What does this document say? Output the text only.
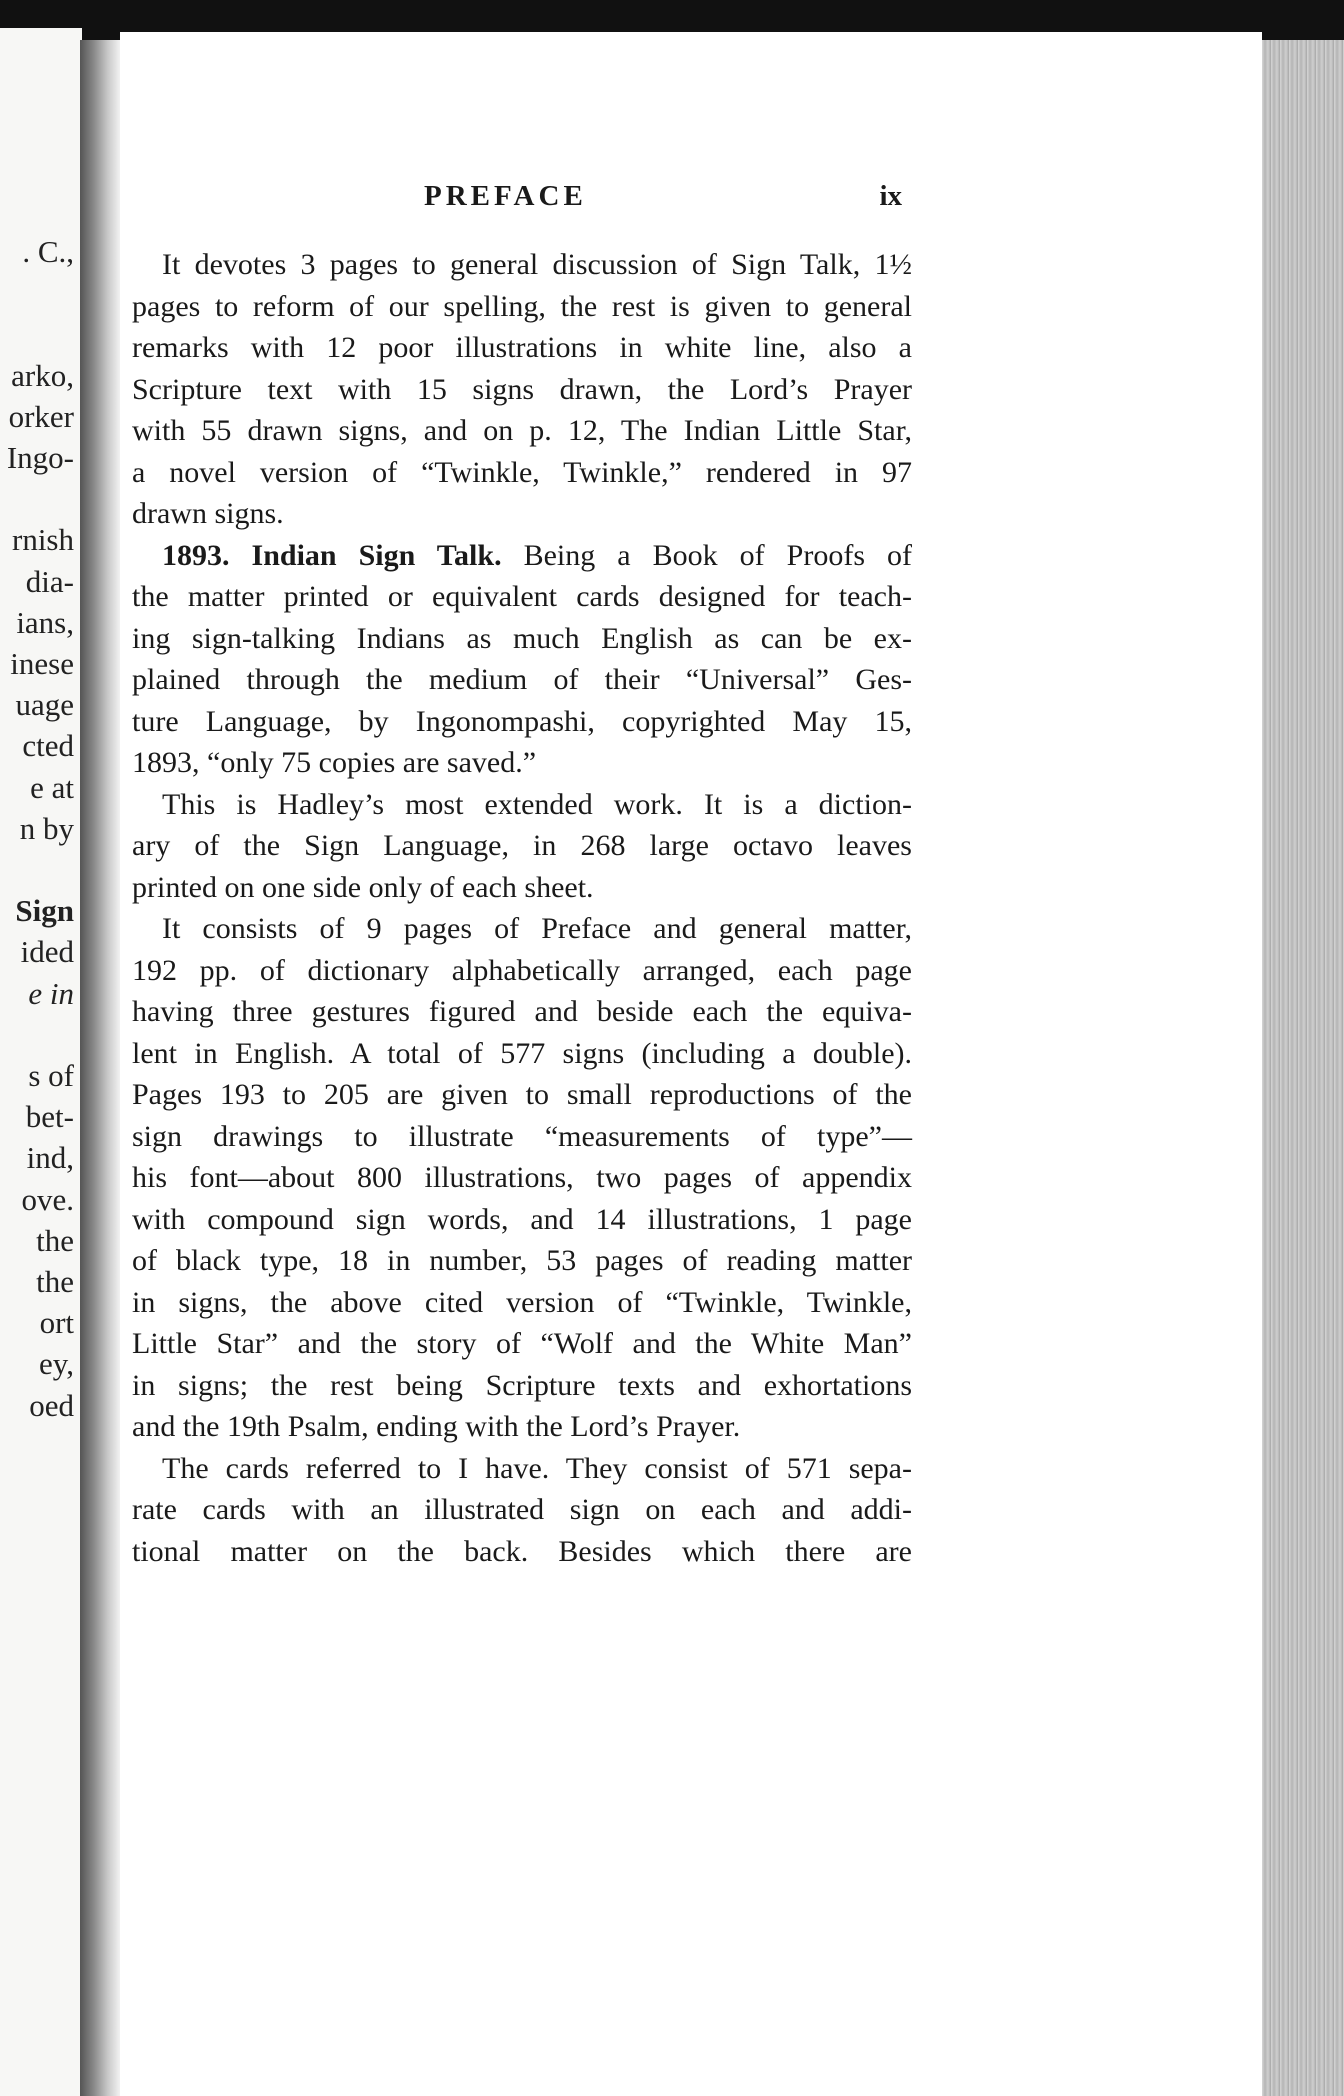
. C.,
arko,
orker
Ingo-
rnish
dia-
ians,
inese
uage
cted
e at
n by
Sign
ided
e in
s of
bet-
ind,
ove.
the
the
ort
ey,
oed
PREFACE	ix
It devotes 3 pages to general discussion of Sign Talk, 1½
pages to reform of our spelling, the rest is given to general
remarks with 12 poor illustrations in white line, also a
Scripture text with 15 signs drawn, the Lord’s Prayer
with 55 drawn signs, and on p. 12, The Indian Little Star,
a novel version of “Twinkle, Twinkle,” rendered in 97
drawn signs.
1893. Indian Sign Talk. Being a Book of Proofs of
the matter printed or equivalent cards designed for teach-
ing sign-talking Indians as much English as can be ex-
plained through the medium of their “Universal” Ges-
ture Language, by Ingonompashi, copyrighted May 15,
1893, “only 75 copies are saved.”
This is Hadley’s most extended work. It is a diction-
ary of the Sign Language, in 268 large octavo leaves
printed on one side only of each sheet.
It consists of 9 pages of Preface and general matter,
192 pp. of dictionary alphabetically arranged, each page
having three gestures figured and beside each the equiva-
lent in English. A total of 577 signs (including a double).
Pages 193 to 205 are given to small reproductions of the
sign drawings to illustrate “measurements of type”—
his font—about 800 illustrations, two pages of appendix
with compound sign words, and 14 illustrations, 1 page
of black type, 18 in number, 53 pages of reading matter
in signs, the above cited version of “Twinkle, Twinkle,
Little Star” and the story of “Wolf and the White Man”
in signs; the rest being Scripture texts and exhortations
and the 19th Psalm, ending with the Lord’s Prayer.
The cards referred to I have. They consist of 571 sepa-
rate cards with an illustrated sign on each and addi-
tional matter on the back. Besides which there are
